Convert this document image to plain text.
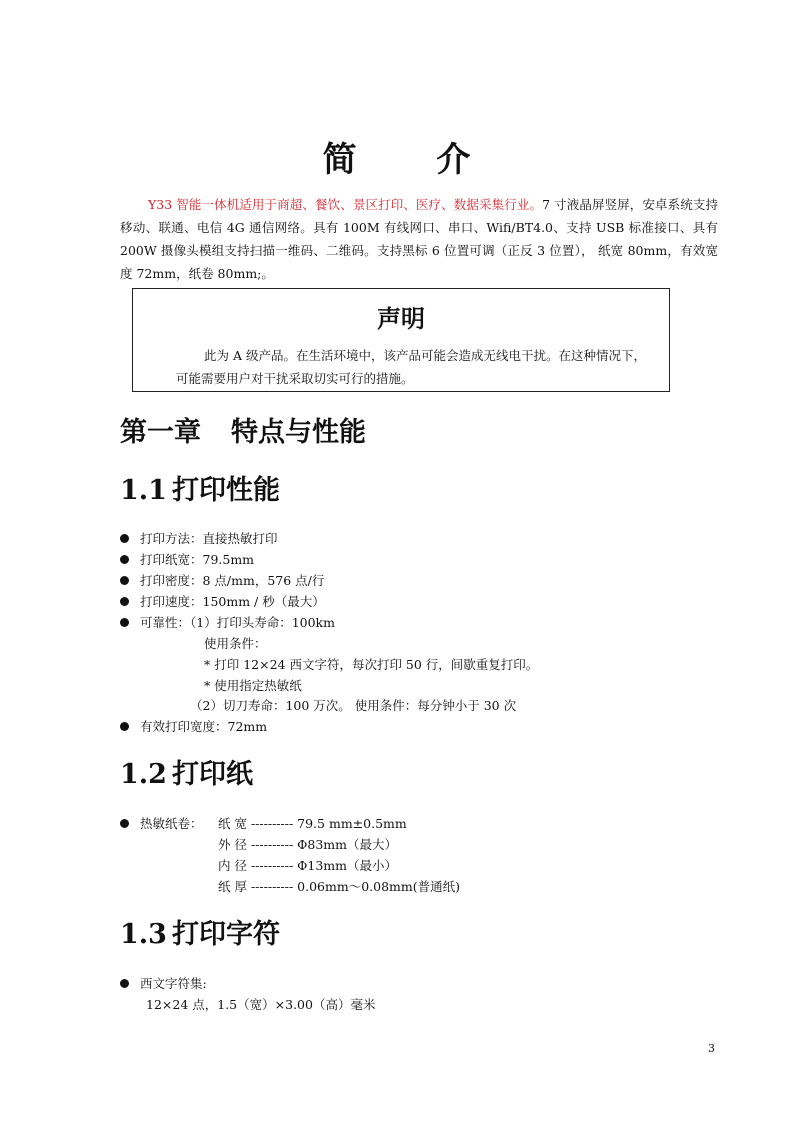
简 介

Y33 智能一体机适用于商超、餐饮、景区打印、医疗、数据采集行业。7 寸液晶屏竖屏，安卓系统支持移动、联通、电信 4G 通信网络。具有 100M 有线网口、串口、Wifi/BT4.0、支持 USB 标准接口、具有 200W 摄像头模组支持扫描一维码、二维码。支持黑标 6 位置可调（正反 3 位置）， 纸宽 80mm，有效宽度 72mm，纸卷 80mm;。

声明

此为 A 级产品。在生活环境中，该产品可能会造成无线电干扰。在这种情况下，可能需要用户对干扰采取切实可行的措施。

第一章 特点与性能
1.1 打印性能

打印方法：直接热敏打印

打印纸宽：79.5mm

打印密度：8 点/mm，576 点/行

打印速度：150mm / 秒（最大）

可靠性：（1）打印头寿命：100km

使用条件：

* 打印 12×24 西文字符，每次打印 50 行，间歇重复打印。

* 使用指定热敏纸

（2）切刀寿命：100 万次。 使用条件：每分钟小于 30 次

有效打印宽度：72mm

1.2 打印纸

热敏纸卷： 纸 宽 ---------- 79.5 mm±0.5mm

外 径 ---------- Φ83mm（最大）

内 径 ---------- Φ13mm（最小）

纸 厚 ---------- 0.06mm～0.08mm(普通纸)

1.3 打印字符

西文字符集:

12×24 点，1.5（宽）×3.00（高）毫米

3
